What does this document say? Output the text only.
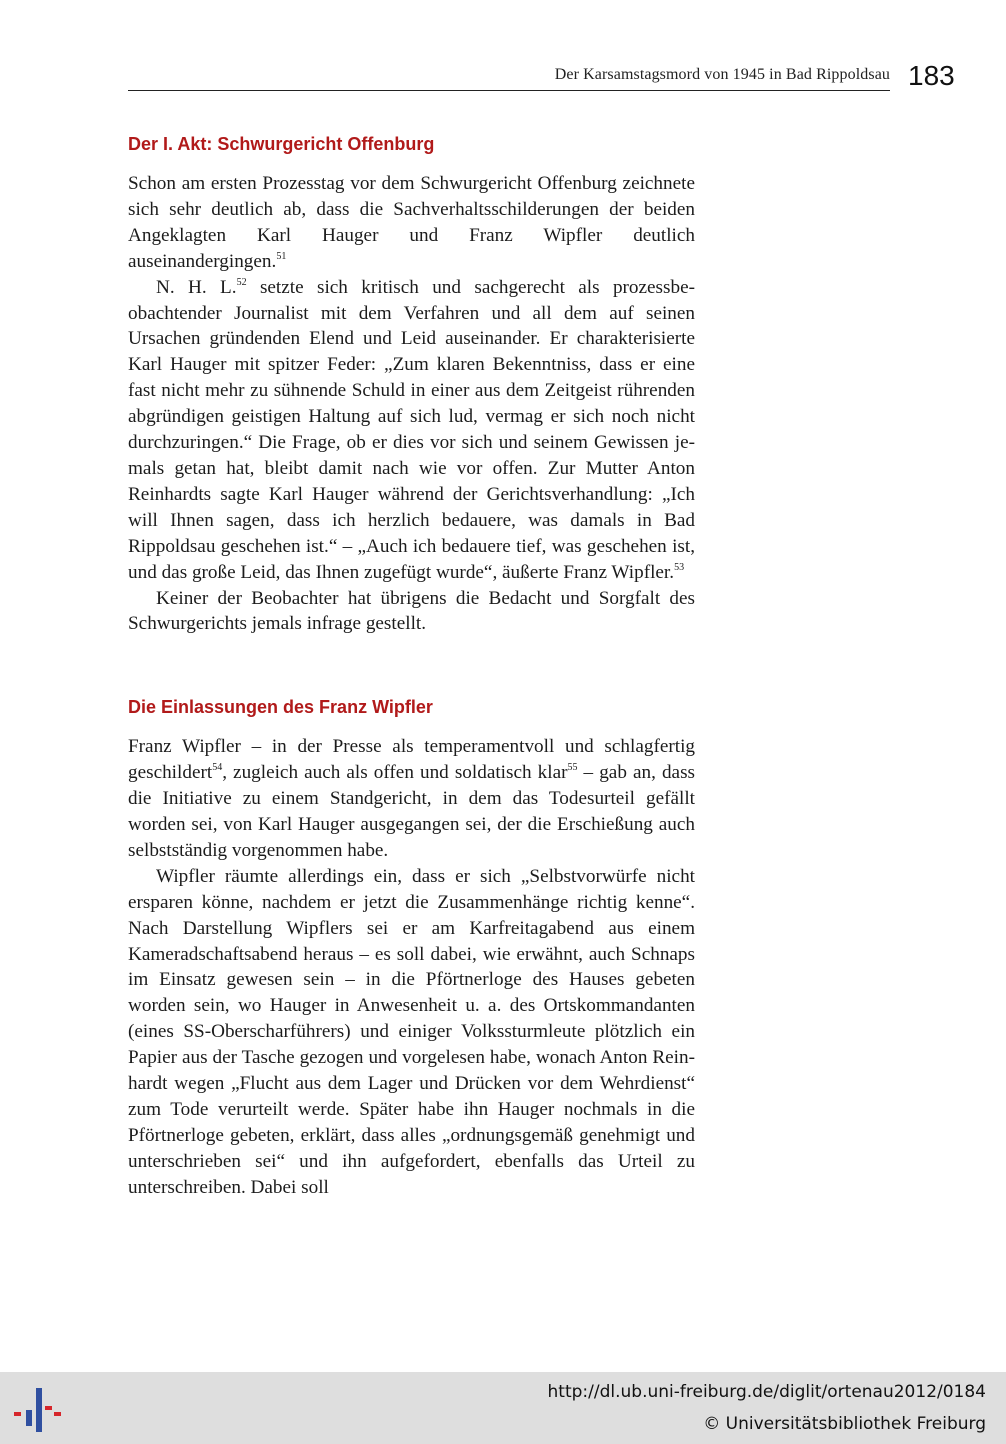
Der Karsamstagsmord von 1945 in Bad Rippoldsau 183
Der I. Akt: Schwurgericht Offenburg

Schon am ersten Prozesstag vor dem Schwurgericht Offenburg zeichnete sich sehr deutlich ab, dass die Sachverhaltsschilderungen der beiden Angeklagten Karl Hauger und Franz Wipfler deutlich auseinandergingen.$^{51}$

N. H. L.$^{52}$ setzte sich kritisch und sachgerecht als prozessbeobachtender Journalist mit dem Verfahren und all dem auf seinen Ursachen gründenden Elend und Leid auseinander. Er charakterisierte Karl Hauger mit spitzer Feder: „Zum klaren Bekenntniss, dass er eine fast nicht mehr zu sühnende Schuld in einer aus dem Zeitgeist rührenden abgründigen geistigen Haltung auf sich lud, vermag er sich noch nicht durchzuringen.“ Die Frage, ob er dies vor sich und seinem Gewissen jemals getan hat, bleibt damit nach wie vor offen. Zur Mutter Anton Reinhardts sagte Karl Hauger während der Gerichtsverhandlung: „Ich will Ihnen sagen, dass ich herzlich bedauere, was damals in Bad Rippoldsau geschehen ist.“ – „Auch ich bedauere tief, was geschehen ist, und das große Leid, das Ihnen zugefügt wurde“, äußerte Franz Wipfler.$^{53}$

Keiner der Beobachter hat übrigens die Bedacht und Sorgfalt des Schwurgerichts jemals infrage gestellt.

Die Einlassungen des Franz Wipfler

Franz Wipfler – in der Presse als temperamentvoll und schlagfertig geschildert$^{54}$, zugleich auch als offen und soldatisch klar$^{55}$ – gab an, dass die Initiative zu einem Standgericht, in dem das Todesurteil gefällt worden sei, von Karl Hauger ausgegangen sei, der die Erschießung auch selbstständig vorgenommen habe.

Wipfler räumte allerdings ein, dass er sich „Selbstvorwürfe nicht ersparen könne, nachdem er jetzt die Zusammenhänge richtig kenne“. Nach Darstellung Wipflers sei er am Karfreitagabend aus einem Kameradschaftsabend heraus – es soll dabei, wie erwähnt, auch Schnaps im Einsatz gewesen sein – in die Pförtnerloge des Hauses gebeten worden sein, wo Hauger in Anwesenheit u. a. des Ortskommandanten (eines SS-Oberscharführers) und einiger Volkssturmleute plötzlich ein Papier aus der Tasche gezogen und vorgelesen habe, wonach Anton Reinhardt wegen „Flucht aus dem Lager und Drücken vor dem Wehrdienst“ zum Tode verurteilt werde. Später habe ihn Hauger nochmals in die Pförtnerloge gebeten, erklärt, dass alles „ordnungsgemäß genehmigt und unterschrieben sei“ und ihn aufgefordert, ebenfalls das Urteil zu unterschreiben. Dabei soll

http://dl.ub.uni-freiburg.de/diglit/ortenau2012/0184
© Universitätsbibliothek Freiburg
